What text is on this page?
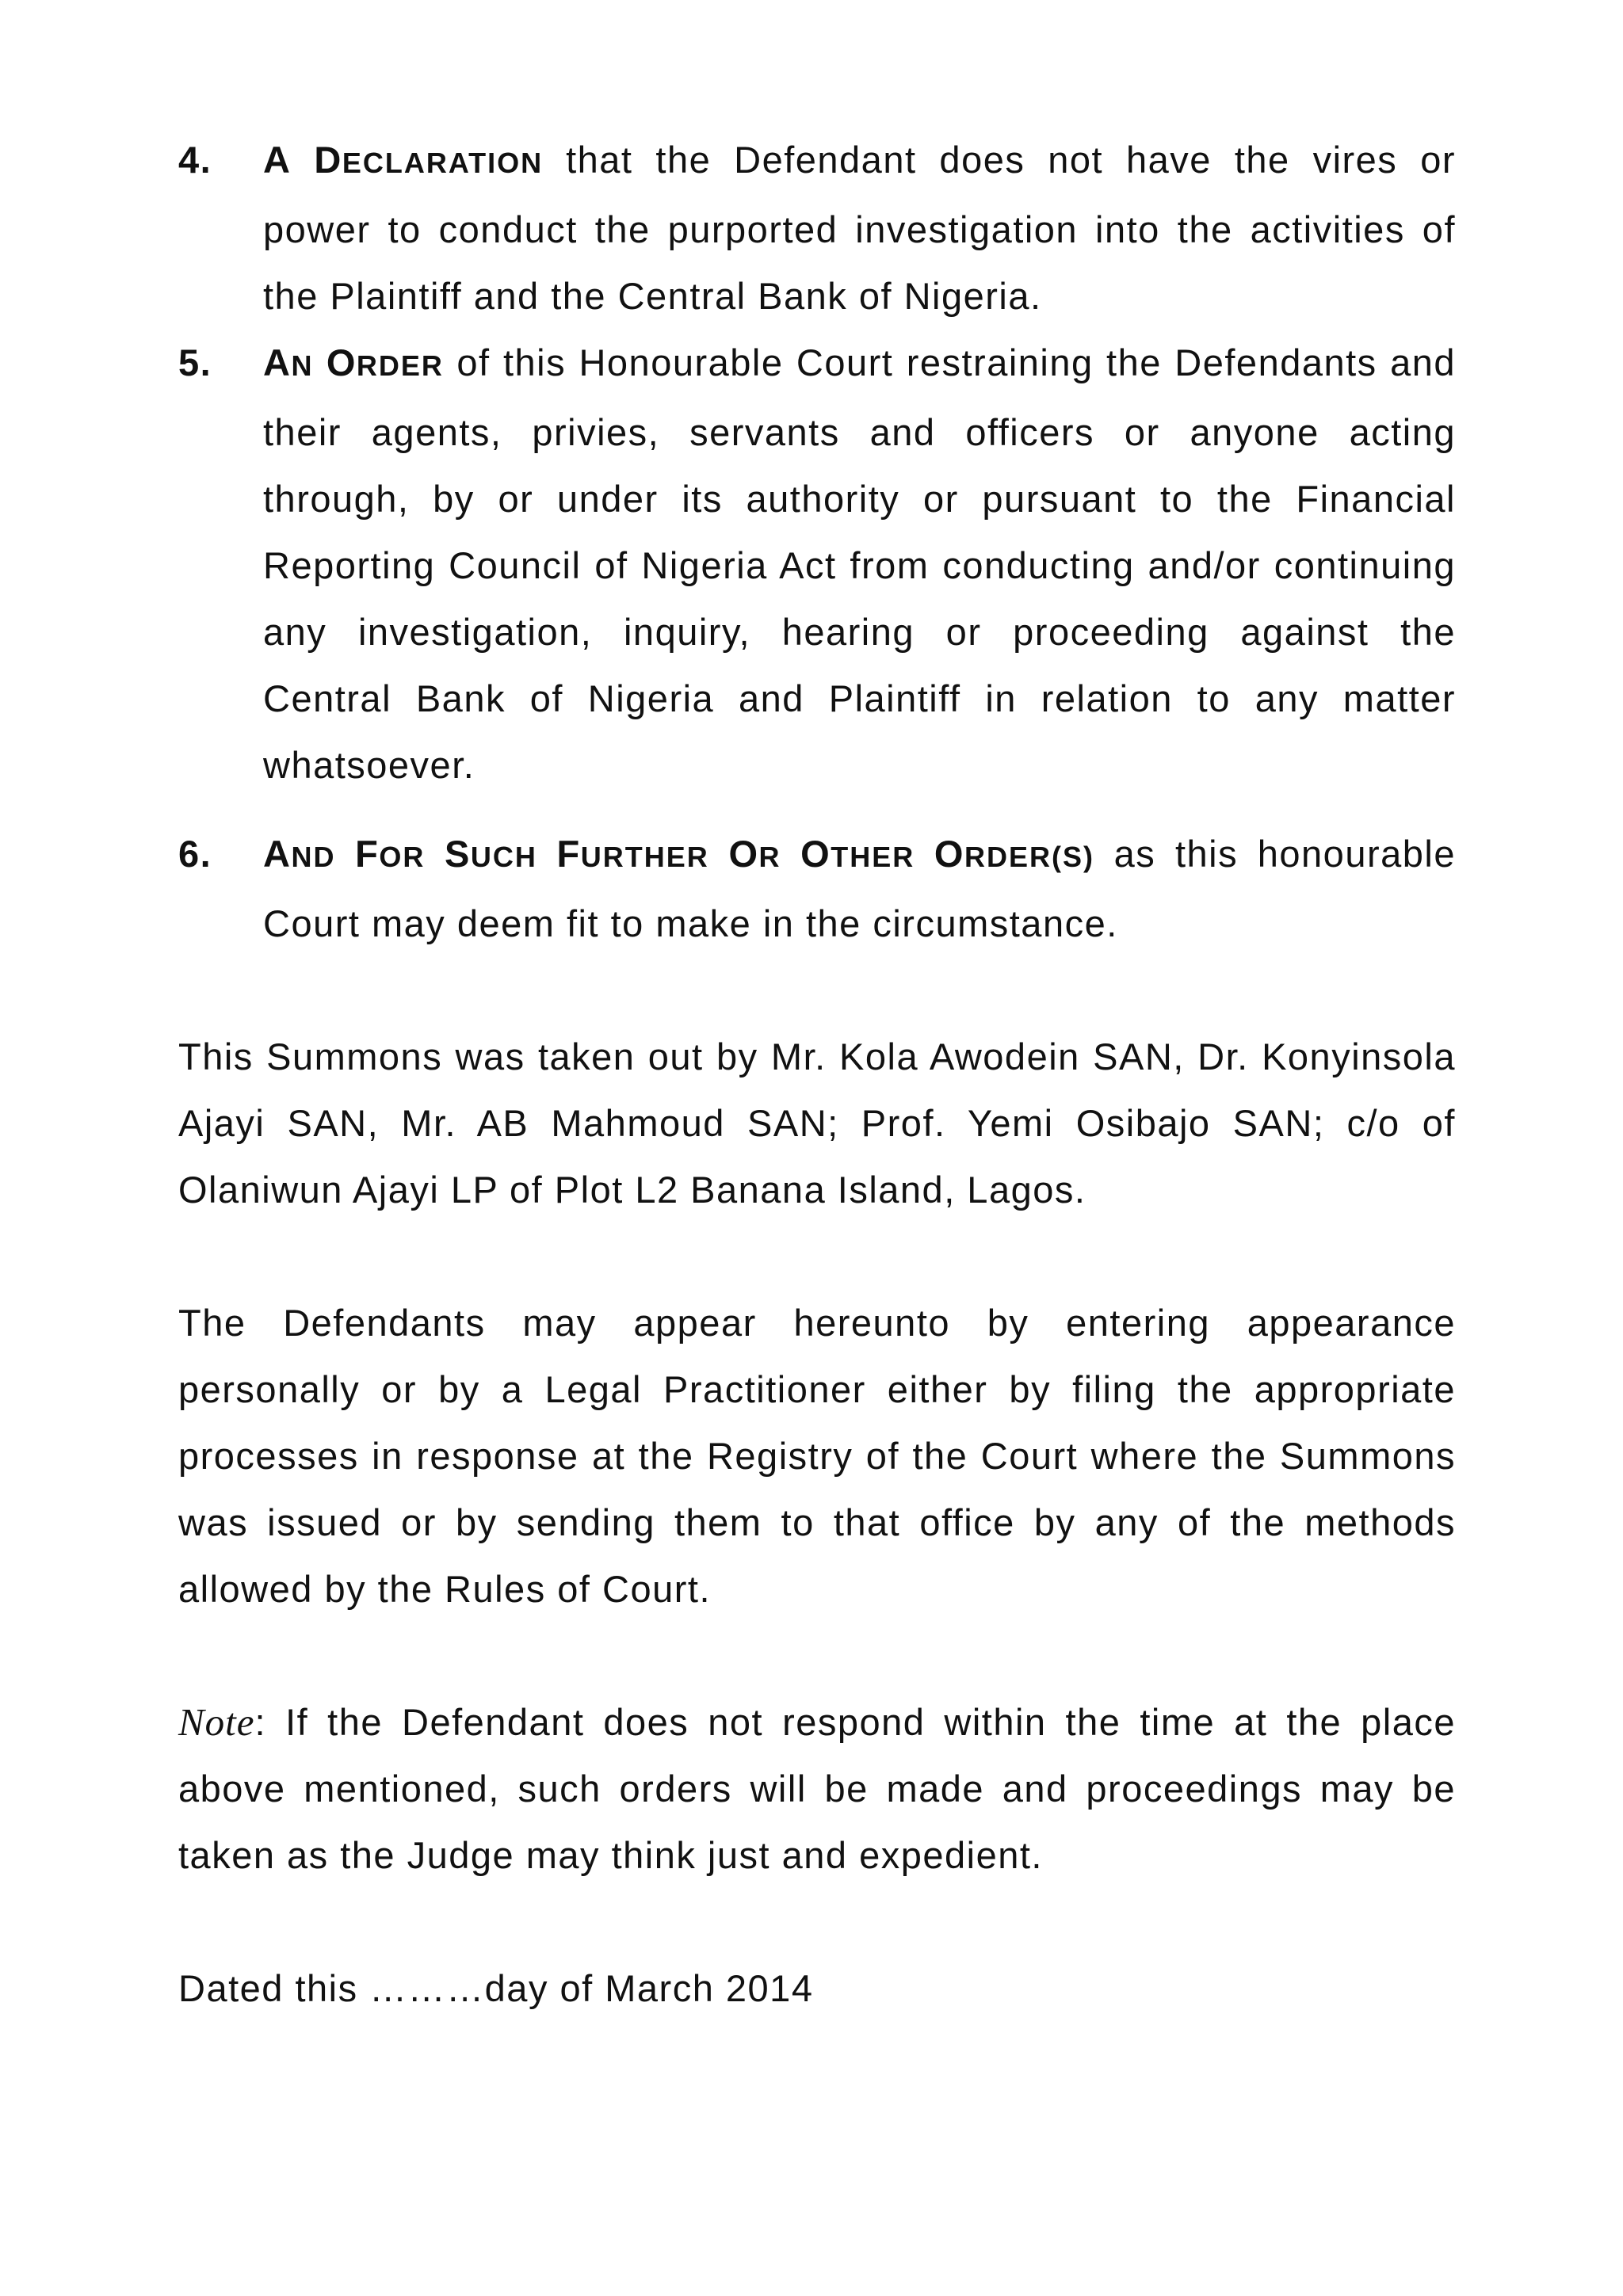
4. A DECLARATION that the Defendant does not have the vires or power to conduct the purported investigation into the activities of the Plaintiff and the Central Bank of Nigeria.
5. AN ORDER of this Honourable Court restraining the Defendants and their agents, privies, servants and officers or anyone acting through, by or under its authority or pursuant to the Financial Reporting Council of Nigeria Act from conducting and/or continuing any investigation, inquiry, hearing or proceeding against the Central Bank of Nigeria and Plaintiff in relation to any matter whatsoever.
6. AND FOR SUCH FURTHER OR OTHER ORDER(S) as this honourable Court may deem fit to make in the circumstance.

This Summons was taken out by Mr. Kola Awodein SAN, Dr. Konyinsola Ajayi SAN, Mr. AB Mahmoud SAN; Prof. Yemi Osibajo SAN; c/o of Olaniwun Ajayi LP of Plot L2 Banana Island, Lagos.

The Defendants may appear hereunto by entering appearance personally or by a Legal Practitioner either by filing the appropriate processes in response at the Registry of the Court where the Summons was issued or by sending them to that office by any of the methods allowed by the Rules of Court.

Note: If the Defendant does not respond within the time at the place above mentioned, such orders will be made and proceedings may be taken as the Judge may think just and expedient.

Dated this ………day of March 2014
